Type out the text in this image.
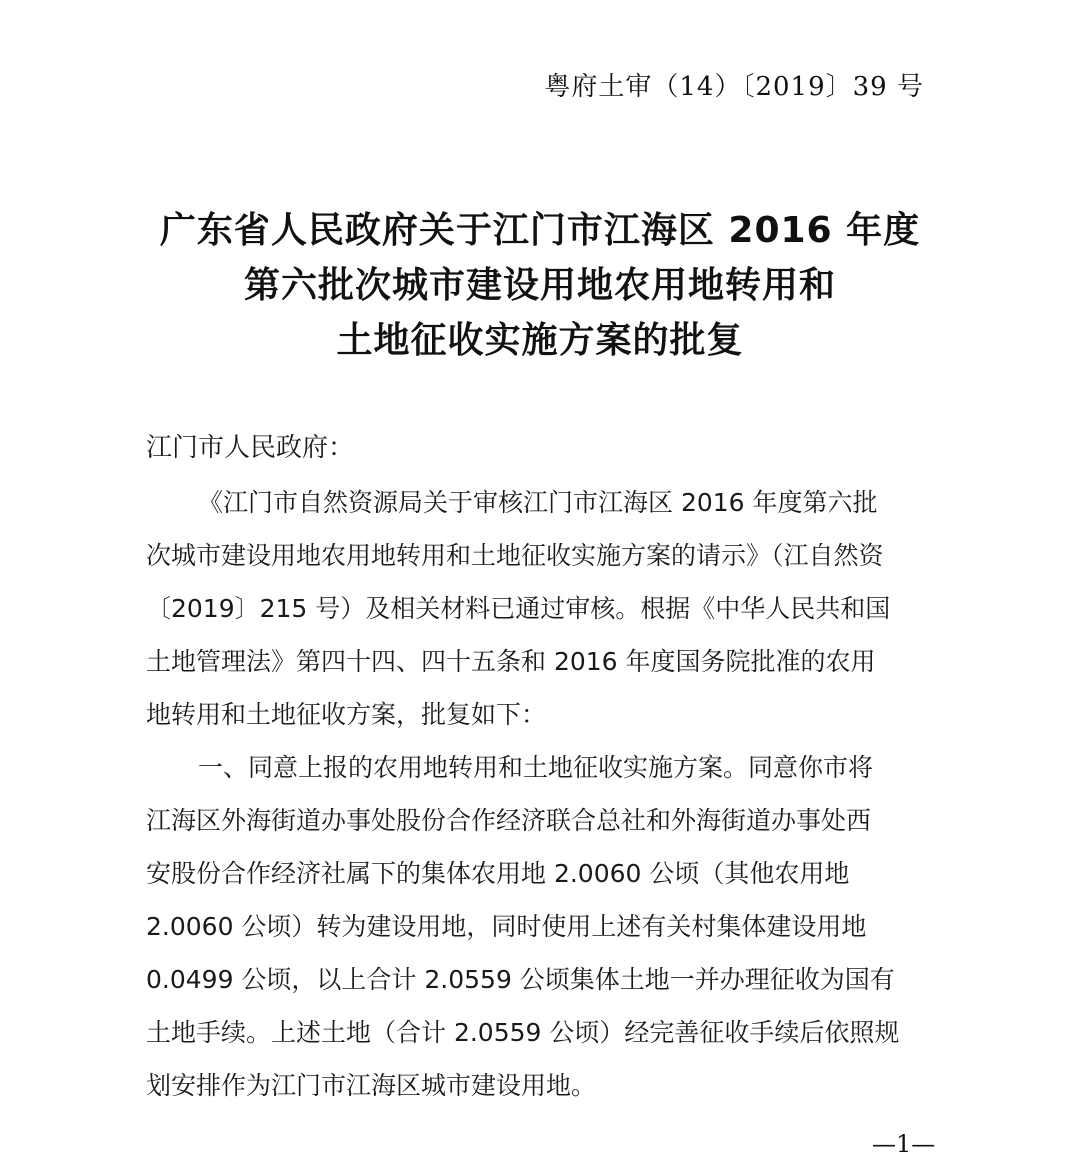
粤府土审（14）〔2019〕39 号
广东省人民政府关于江门市江海区 2016 年度
第六批次城市建设用地农用地转用和
土地征收实施方案的批复
江门市人民政府：
《江门市自然资源局关于审核江门市江海区 2016 年度第六批
次城市建设用地农用地转用和土地征收实施方案的请示》（江自然资
〔2019〕215 号）及相关材料已通过审核。根据《中华人民共和国
土地管理法》第四十四、四十五条和 2016 年度国务院批准的农用
地转用和土地征收方案，批复如下：
一、同意上报的农用地转用和土地征收实施方案。同意你市将
江海区外海街道办事处股份合作经济联合总社和外海街道办事处西
安股份合作经济社属下的集体农用地 2.0060 公顷（其他农用地
2.0060 公顷）转为建设用地，同时使用上述有关村集体建设用地
0.0499 公顷，以上合计 2.0559 公顷集体土地一并办理征收为国有
土地手续。上述土地（合计 2.0559 公顷）经完善征收手续后依照规
划安排作为江门市江海区城市建设用地。
—1—
